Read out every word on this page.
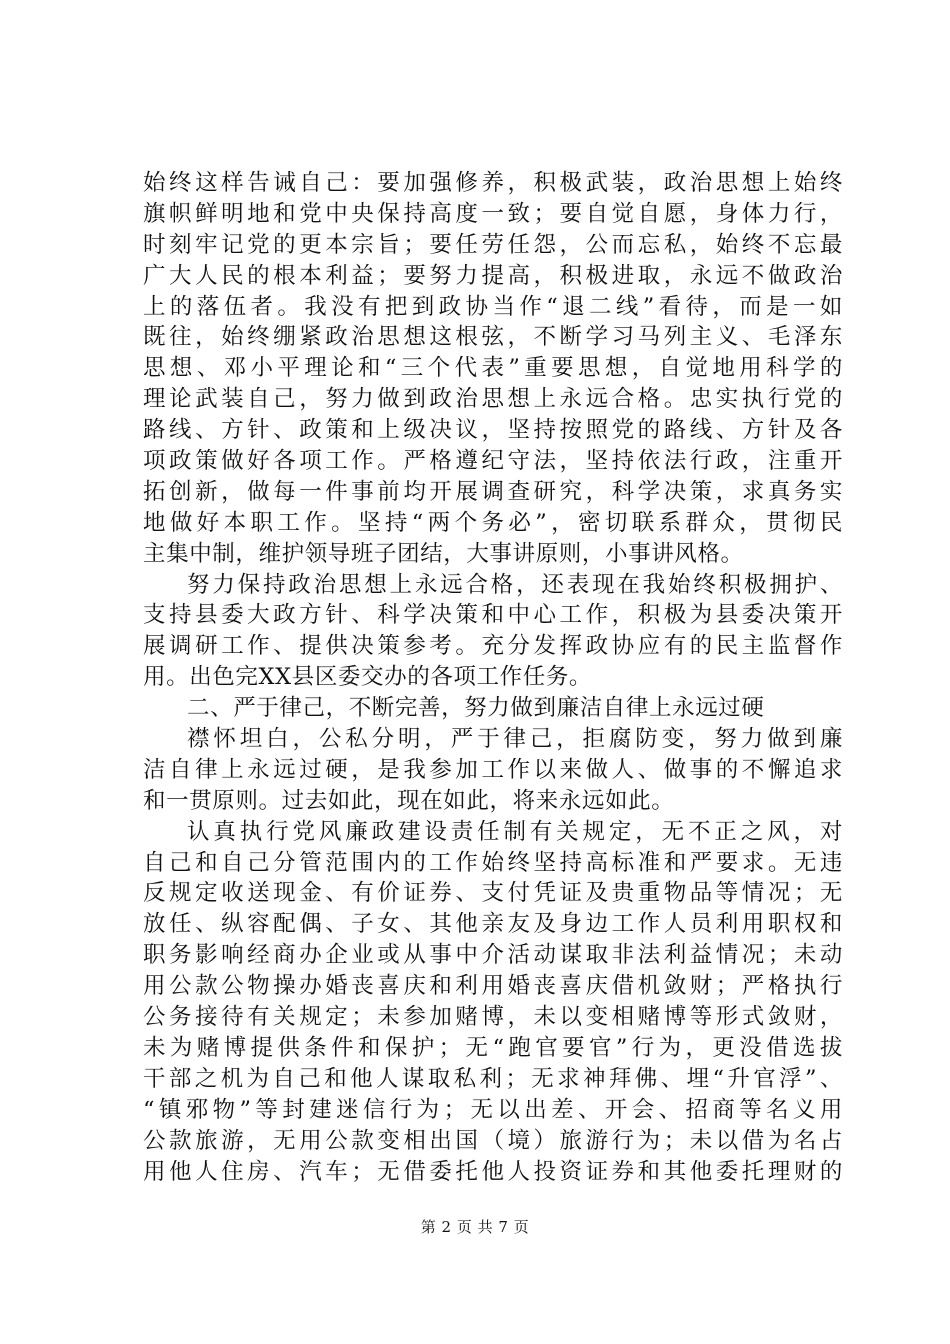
始终这样告诫自己：要加强修养，积极武装，政治思想上始终
旗帜鲜明地和党中央保持高度一致；要自觉自愿，身体力行，
时刻牢记党的更本宗旨；要任劳任怨，公而忘私，始终不忘最
广大人民的根本利益；要努力提高，积极进取，永远不做政治
上的落伍者。我没有把到政协当作“退二线”看待，而是一如
既往，始终绷紧政治思想这根弦，不断学习马列主义、毛泽东
思想、邓小平理论和“三个代表”重要思想，自觉地用科学的
理论武装自己，努力做到政治思想上永远合格。忠实执行党的
路线、方针、政策和上级决议，坚持按照党的路线、方针及各
项政策做好各项工作。严格遵纪守法，坚持依法行政，注重开
拓创新，做每一件事前均开展调查研究，科学决策，求真务实
地做好本职工作。坚持“两个务必”，密切联系群众，贯彻民
主集中制，维护领导班子团结，大事讲原则，小事讲风格。
努力保持政治思想上永远合格，还表现在我始终积极拥护、
支持县委大政方针、科学决策和中心工作，积极为县委决策开
展调研工作、提供决策参考。充分发挥政协应有的民主监督作
用。出色完XX县区委交办的各项工作任务。
二、严于律己，不断完善，努力做到廉洁自律上永远过硬
襟怀坦白，公私分明，严于律己，拒腐防变，努力做到廉
洁自律上永远过硬，是我参加工作以来做人、做事的不懈追求
和一贯原则。过去如此，现在如此，将来永远如此。
认真执行党风廉政建设责任制有关规定，无不正之风，对
自己和自己分管范围内的工作始终坚持高标准和严要求。无违
反规定收送现金、有价证券、支付凭证及贵重物品等情况；无
放任、纵容配偶、子女、其他亲友及身边工作人员利用职权和
职务影响经商办企业或从事中介活动谋取非法利益情况；未动
用公款公物操办婚丧喜庆和利用婚丧喜庆借机敛财；严格执行
公务接待有关规定；未参加赌博，未以变相赌博等形式敛财，
未为赌博提供条件和保护；无“跑官要官”行为，更没借选拔
干部之机为自己和他人谋取私利；无求神拜佛、埋“升官浮”、
“镇邪物”等封建迷信行为；无以出差、开会、招商等名义用
公款旅游，无用公款变相出国（境）旅游行为；未以借为名占
用他人住房、汽车；无借委托他人投资证券和其他委托理财的
第 2 页 共 7 页
